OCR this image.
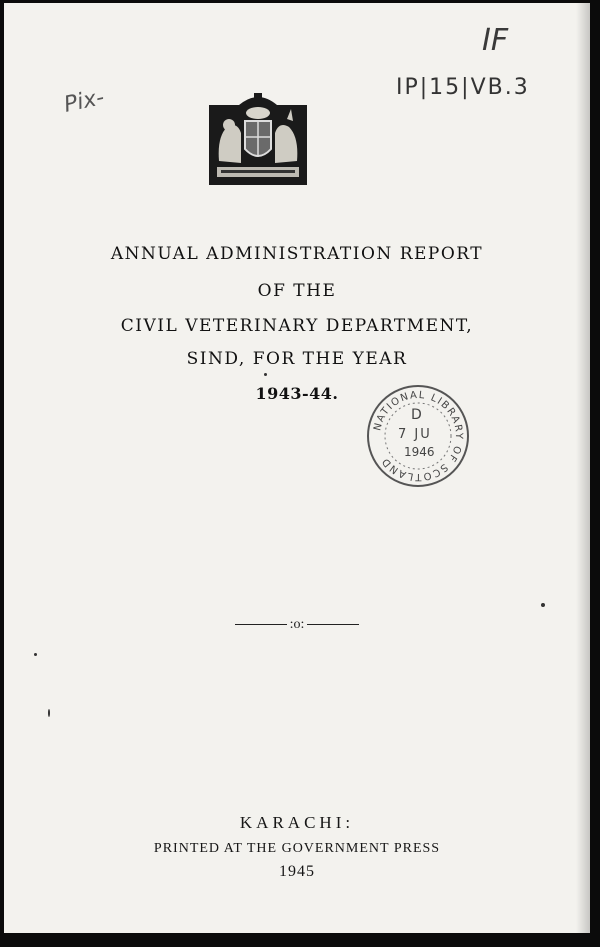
Pix-
IF
IP|15|VB.3
ANNUAL ADMINISTRATION REPORT
OF THE
CIVIL VETERINARY DEPARTMENT,
SIND, FOR THE YEAR
1943-44.
NATIONAL LIBRARY OF SCOTLAND
D
7 JU
1946
:o:
KARACHI:
PRINTED AT THE GOVERNMENT PRESS
1945
